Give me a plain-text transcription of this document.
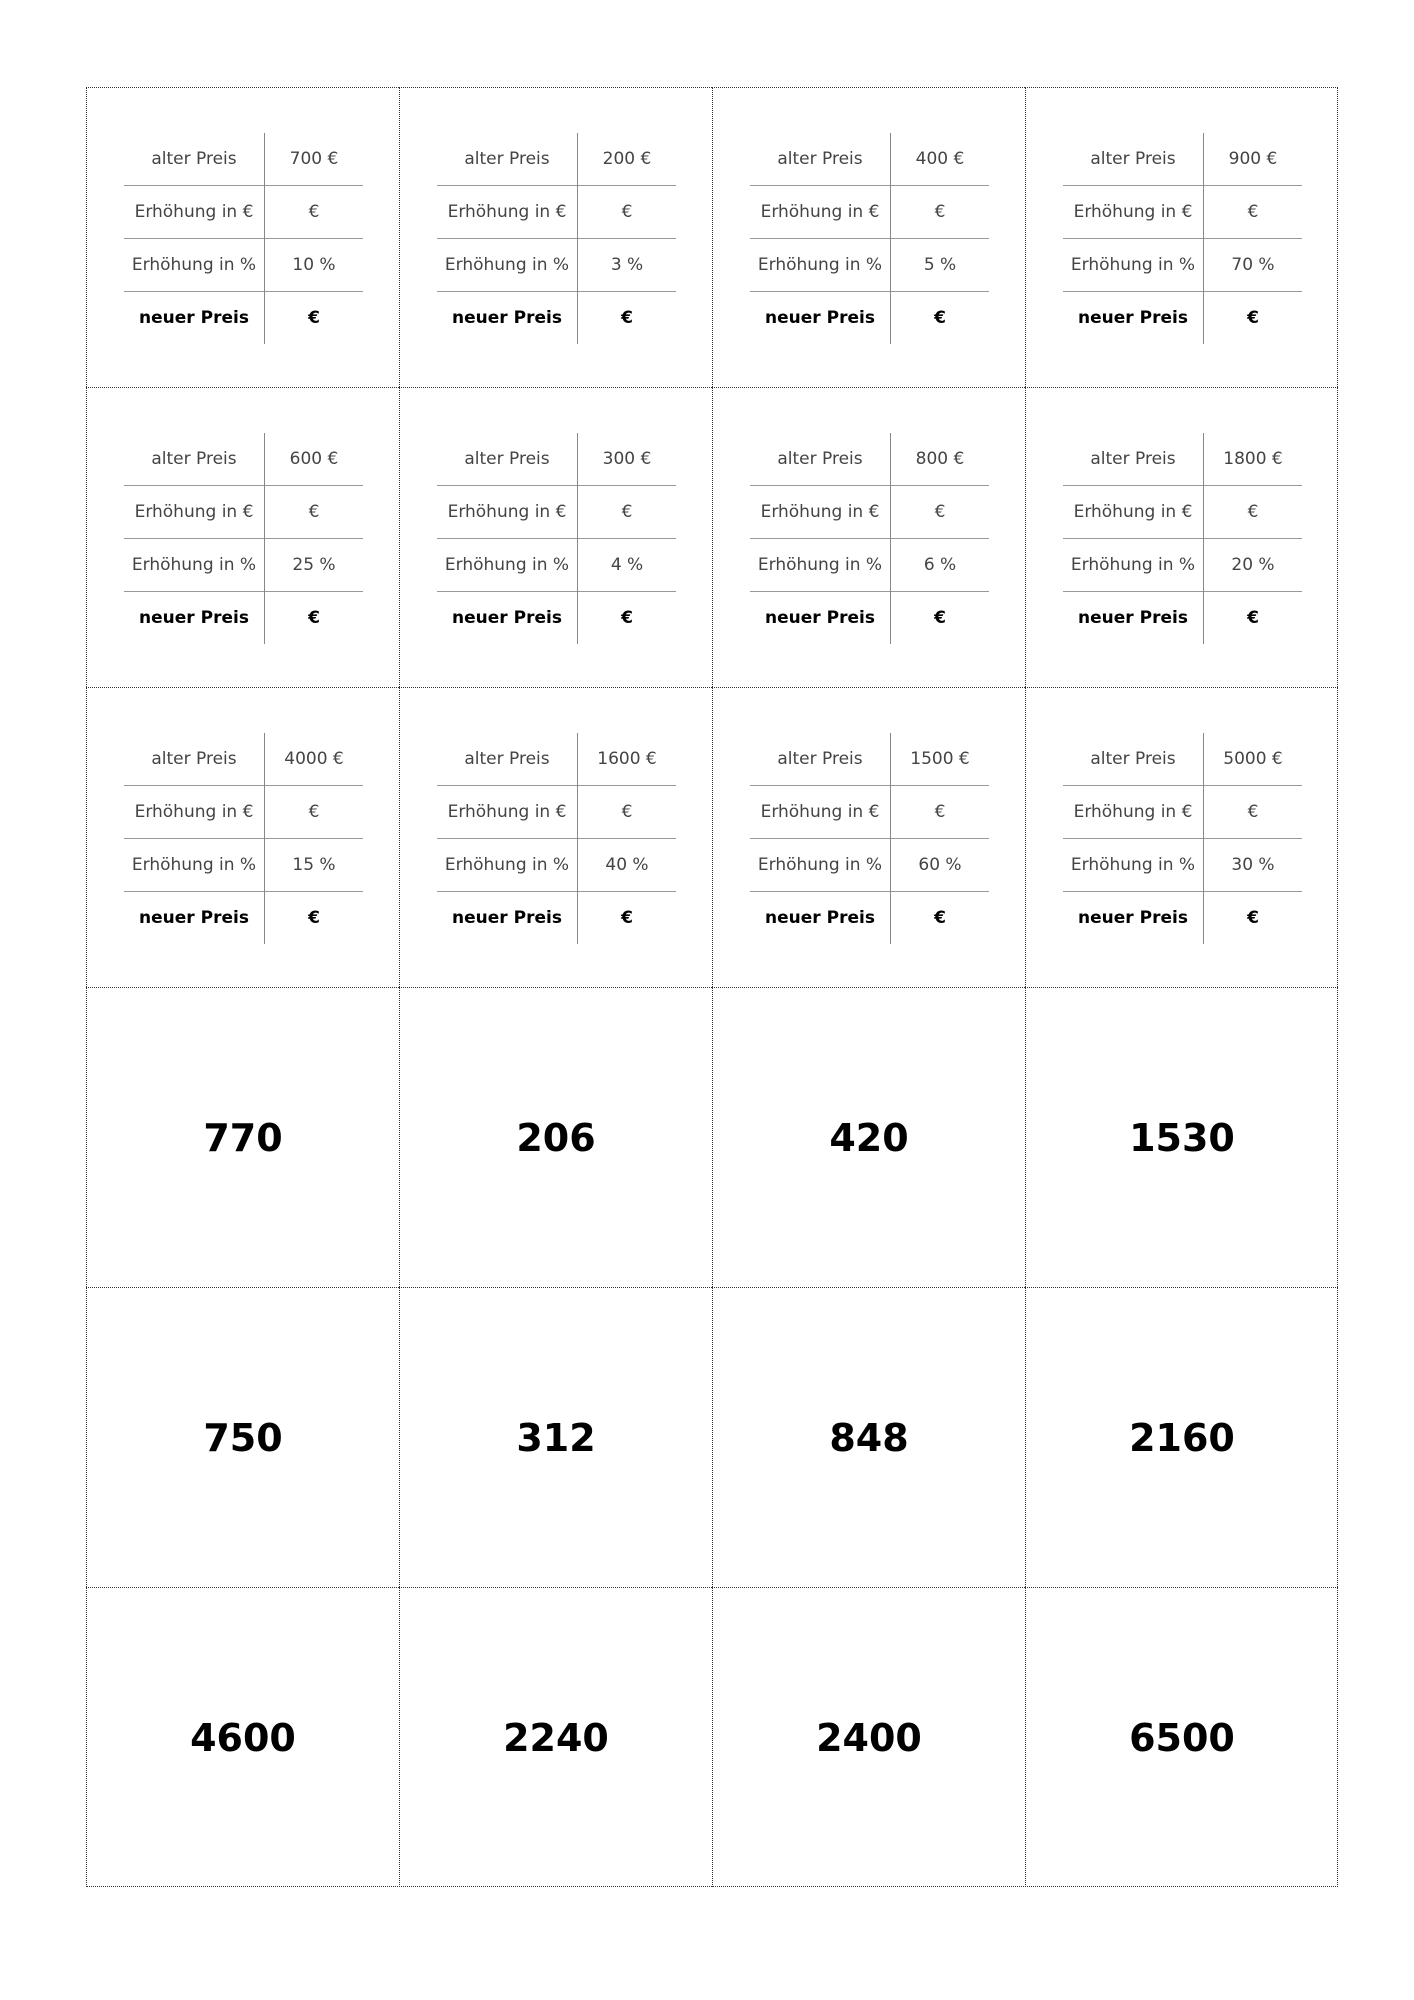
alter Preis	700 €
Erhöhung in €	€
Erhöhung in %	10 %
neuer Preis	€
alter Preis	200 €
Erhöhung in €	€
Erhöhung in %	3 %
neuer Preis	€
alter Preis	400 €
Erhöhung in €	€
Erhöhung in %	5 %
neuer Preis	€
alter Preis	900 €
Erhöhung in €	€
Erhöhung in %	70 %
neuer Preis	€
alter Preis	600 €
Erhöhung in €	€
Erhöhung in %	25 %
neuer Preis	€
alter Preis	300 €
Erhöhung in €	€
Erhöhung in %	4 %
neuer Preis	€
alter Preis	800 €
Erhöhung in €	€
Erhöhung in %	6 %
neuer Preis	€
alter Preis	1800 €
Erhöhung in €	€
Erhöhung in %	20 %
neuer Preis	€
alter Preis	4000 €
Erhöhung in €	€
Erhöhung in %	15 %
neuer Preis	€
alter Preis	1600 €
Erhöhung in €	€
Erhöhung in %	40 %
neuer Preis	€
alter Preis	1500 €
Erhöhung in €	€
Erhöhung in %	60 %
neuer Preis	€
alter Preis	5000 €
Erhöhung in €	€
Erhöhung in %	30 %
neuer Preis	€
770	206	420	1530
750	312	848	2160
4600	2240	2400	6500
